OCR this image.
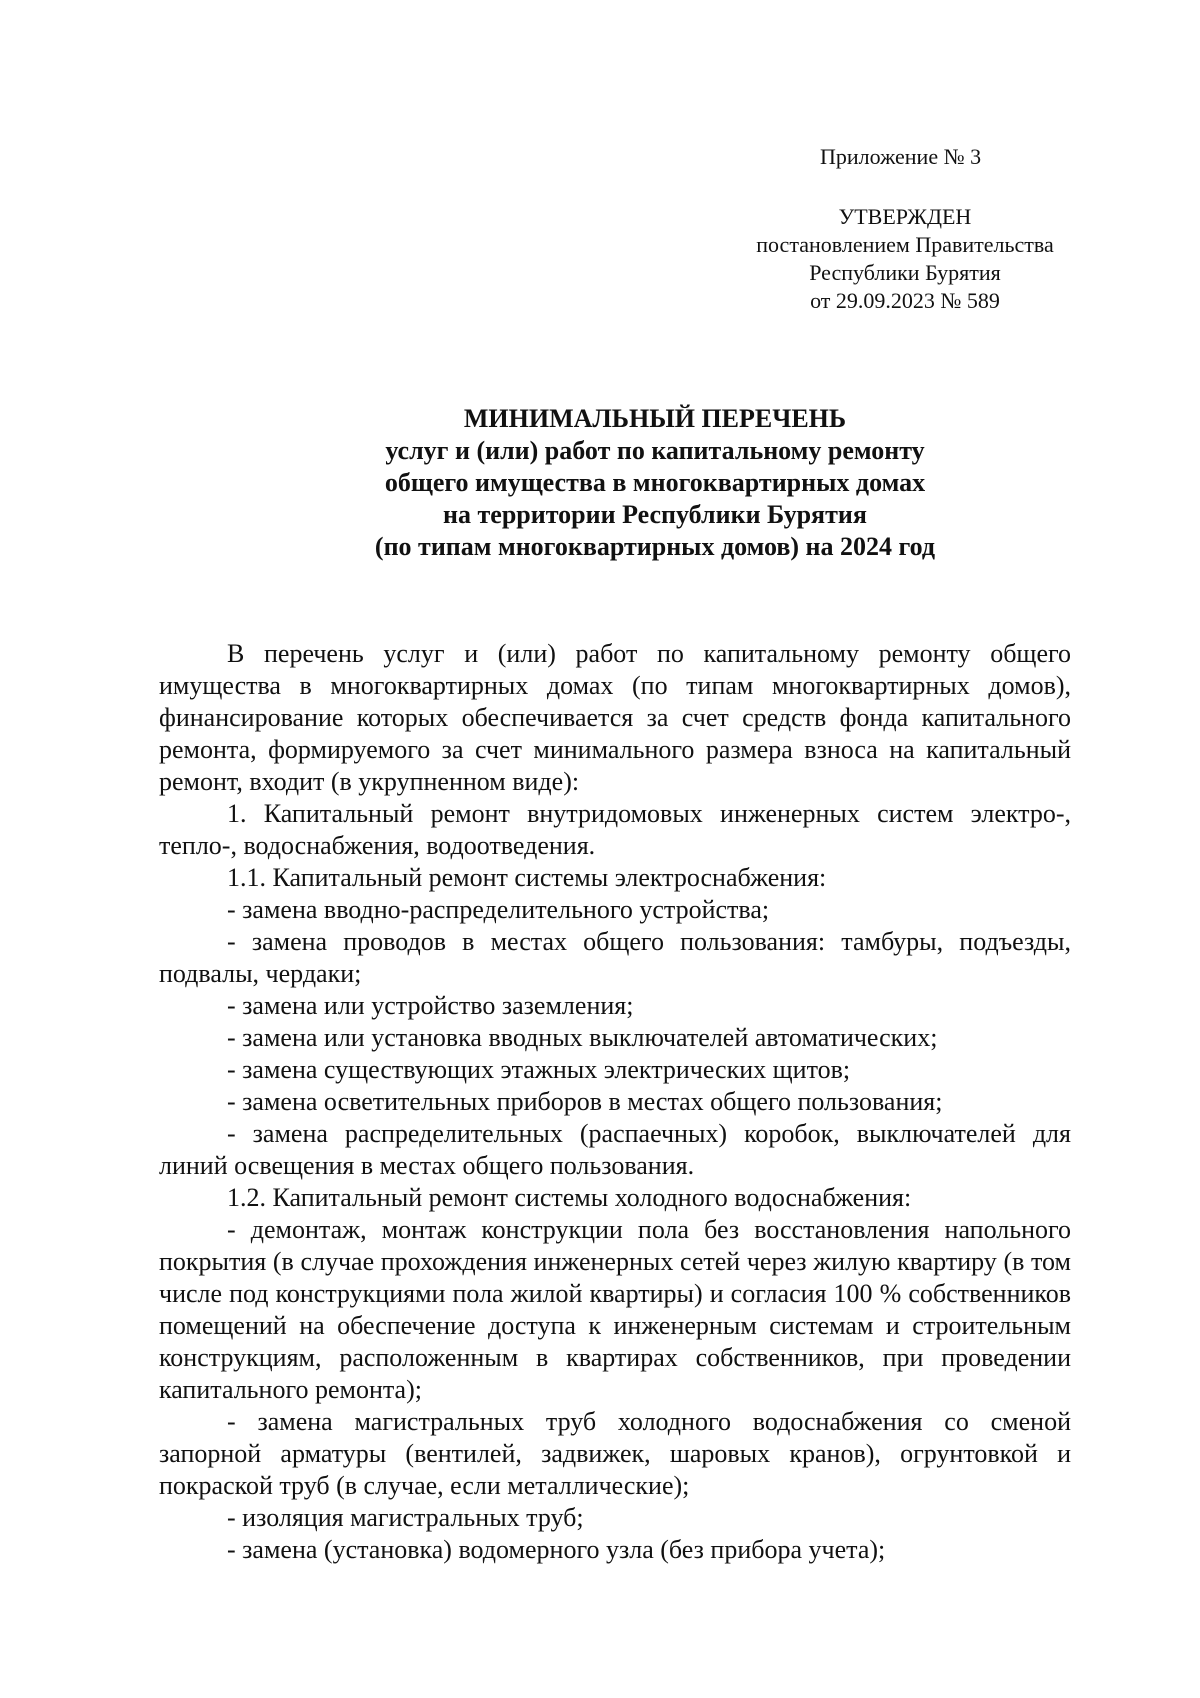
Приложение № 3
УТВЕРЖДЕН
постановлением Правительства
Республики Бурятия
от 29.09.2023 № 589
МИНИМАЛЬНЫЙ ПЕРЕЧЕНЬ
услуг и (или) работ по капитальному ремонту
общего имущества в многоквартирных домах
на территории Республики Бурятия
(по типам многоквартирных домов) на 2024 год

В перечень услуг и (или) работ по капитальному ремонту общего имущества в многоквартирных домах (по типам многоквартирных домов), финансирование которых обеспечивается за счет средств фонда капитального ремонта, формируемого за счет минимального размера взноса на капитальный ремонт, входит (в укрупненном виде):

1. Капитальный ремонт внутридомовых инженерных систем электро-, тепло-, водоснабжения, водоотведения.

1.1. Капитальный ремонт системы электроснабжения:

- замена вводно-распределительного устройства;

- замена проводов в местах общего пользования: тамбуры, подъезды, подвалы, чердаки;

- замена или устройство заземления;

- замена или установка вводных выключателей автоматических;

- замена существующих этажных электрических щитов;

- замена осветительных приборов в местах общего пользования;

- замена распределительных (распаечных) коробок, выключателей для линий освещения в местах общего пользования.

1.2. Капитальный ремонт системы холодного водоснабжения:

- демонтаж, монтаж конструкции пола без восстановления напольного покрытия (в случае прохождения инженерных сетей через жилую квартиру (в том числе под конструкциями пола жилой квартиры) и согласия 100 % собственников помещений на обеспечение доступа к инженерным системам и строительным конструкциям, расположенным в квартирах собственников, при проведении капитального ремонта);

- замена магистральных труб холодного водоснабжения со сменой запорной арматуры (вентилей, задвижек, шаровых кранов), огрунтовкой и покраской труб (в случае, если металлические);

- изоляция магистральных труб;

- замена (установка) водомерного узла (без прибора учета);
